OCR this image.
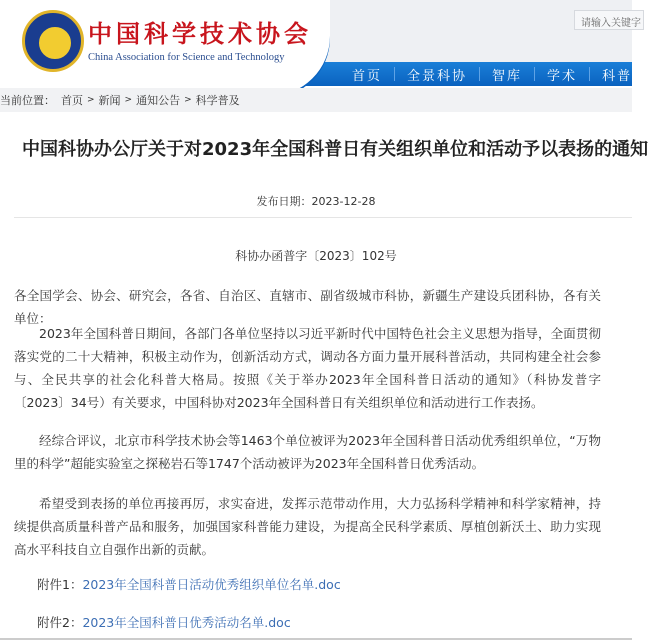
中国科学技术协会
China Association for Science and Technology
请输入关键字
首页	全景科协	智库	学术	科普
当前位置： 首页 > 新闻 > 通知公告 > 科学普及
中国科协办公厅关于对2023年全国科普日有关组织单位和活动予以表扬的通知
发布日期：2023-12-28
科协办函普字〔2023〕102号

各全国学会、协会、研究会，各省、自治区、直辖市、副省级城市科协，新疆生产建设兵团科协，各有关单位：

2023年全国科普日期间，各部门各单位坚持以习近平新时代中国特色社会主义思想为指导，全面贯彻落实党的二十大精神，积极主动作为，创新活动方式，调动各方面力量开展科普活动，共同构建全社会参与、全民共享的社会化科普大格局。按照《关于举办2023年全国科普日活动的通知》（科协发普字〔2023〕34号）有关要求，中国科协对2023年全国科普日有关组织单位和活动进行工作表扬。

经综合评议，北京市科学技术协会等1463个单位被评为2023年全国科普日活动优秀组织单位，“万物里的科学”超能实验室之探秘岩石等1747个活动被评为2023年全国科普日优秀活动。

希望受到表扬的单位再接再厉，求实奋进，发挥示范带动作用，大力弘扬科学精神和科学家精神，持续提供高质量科普产品和服务，加强国家科普能力建设，为提高全民科学素质、厚植创新沃土、助力实现高水平科技自立自强作出新的贡献。

附件1：2023年全国科普日活动优秀组织单位名单.doc
附件2：2023年全国科普日优秀活动名单.doc
